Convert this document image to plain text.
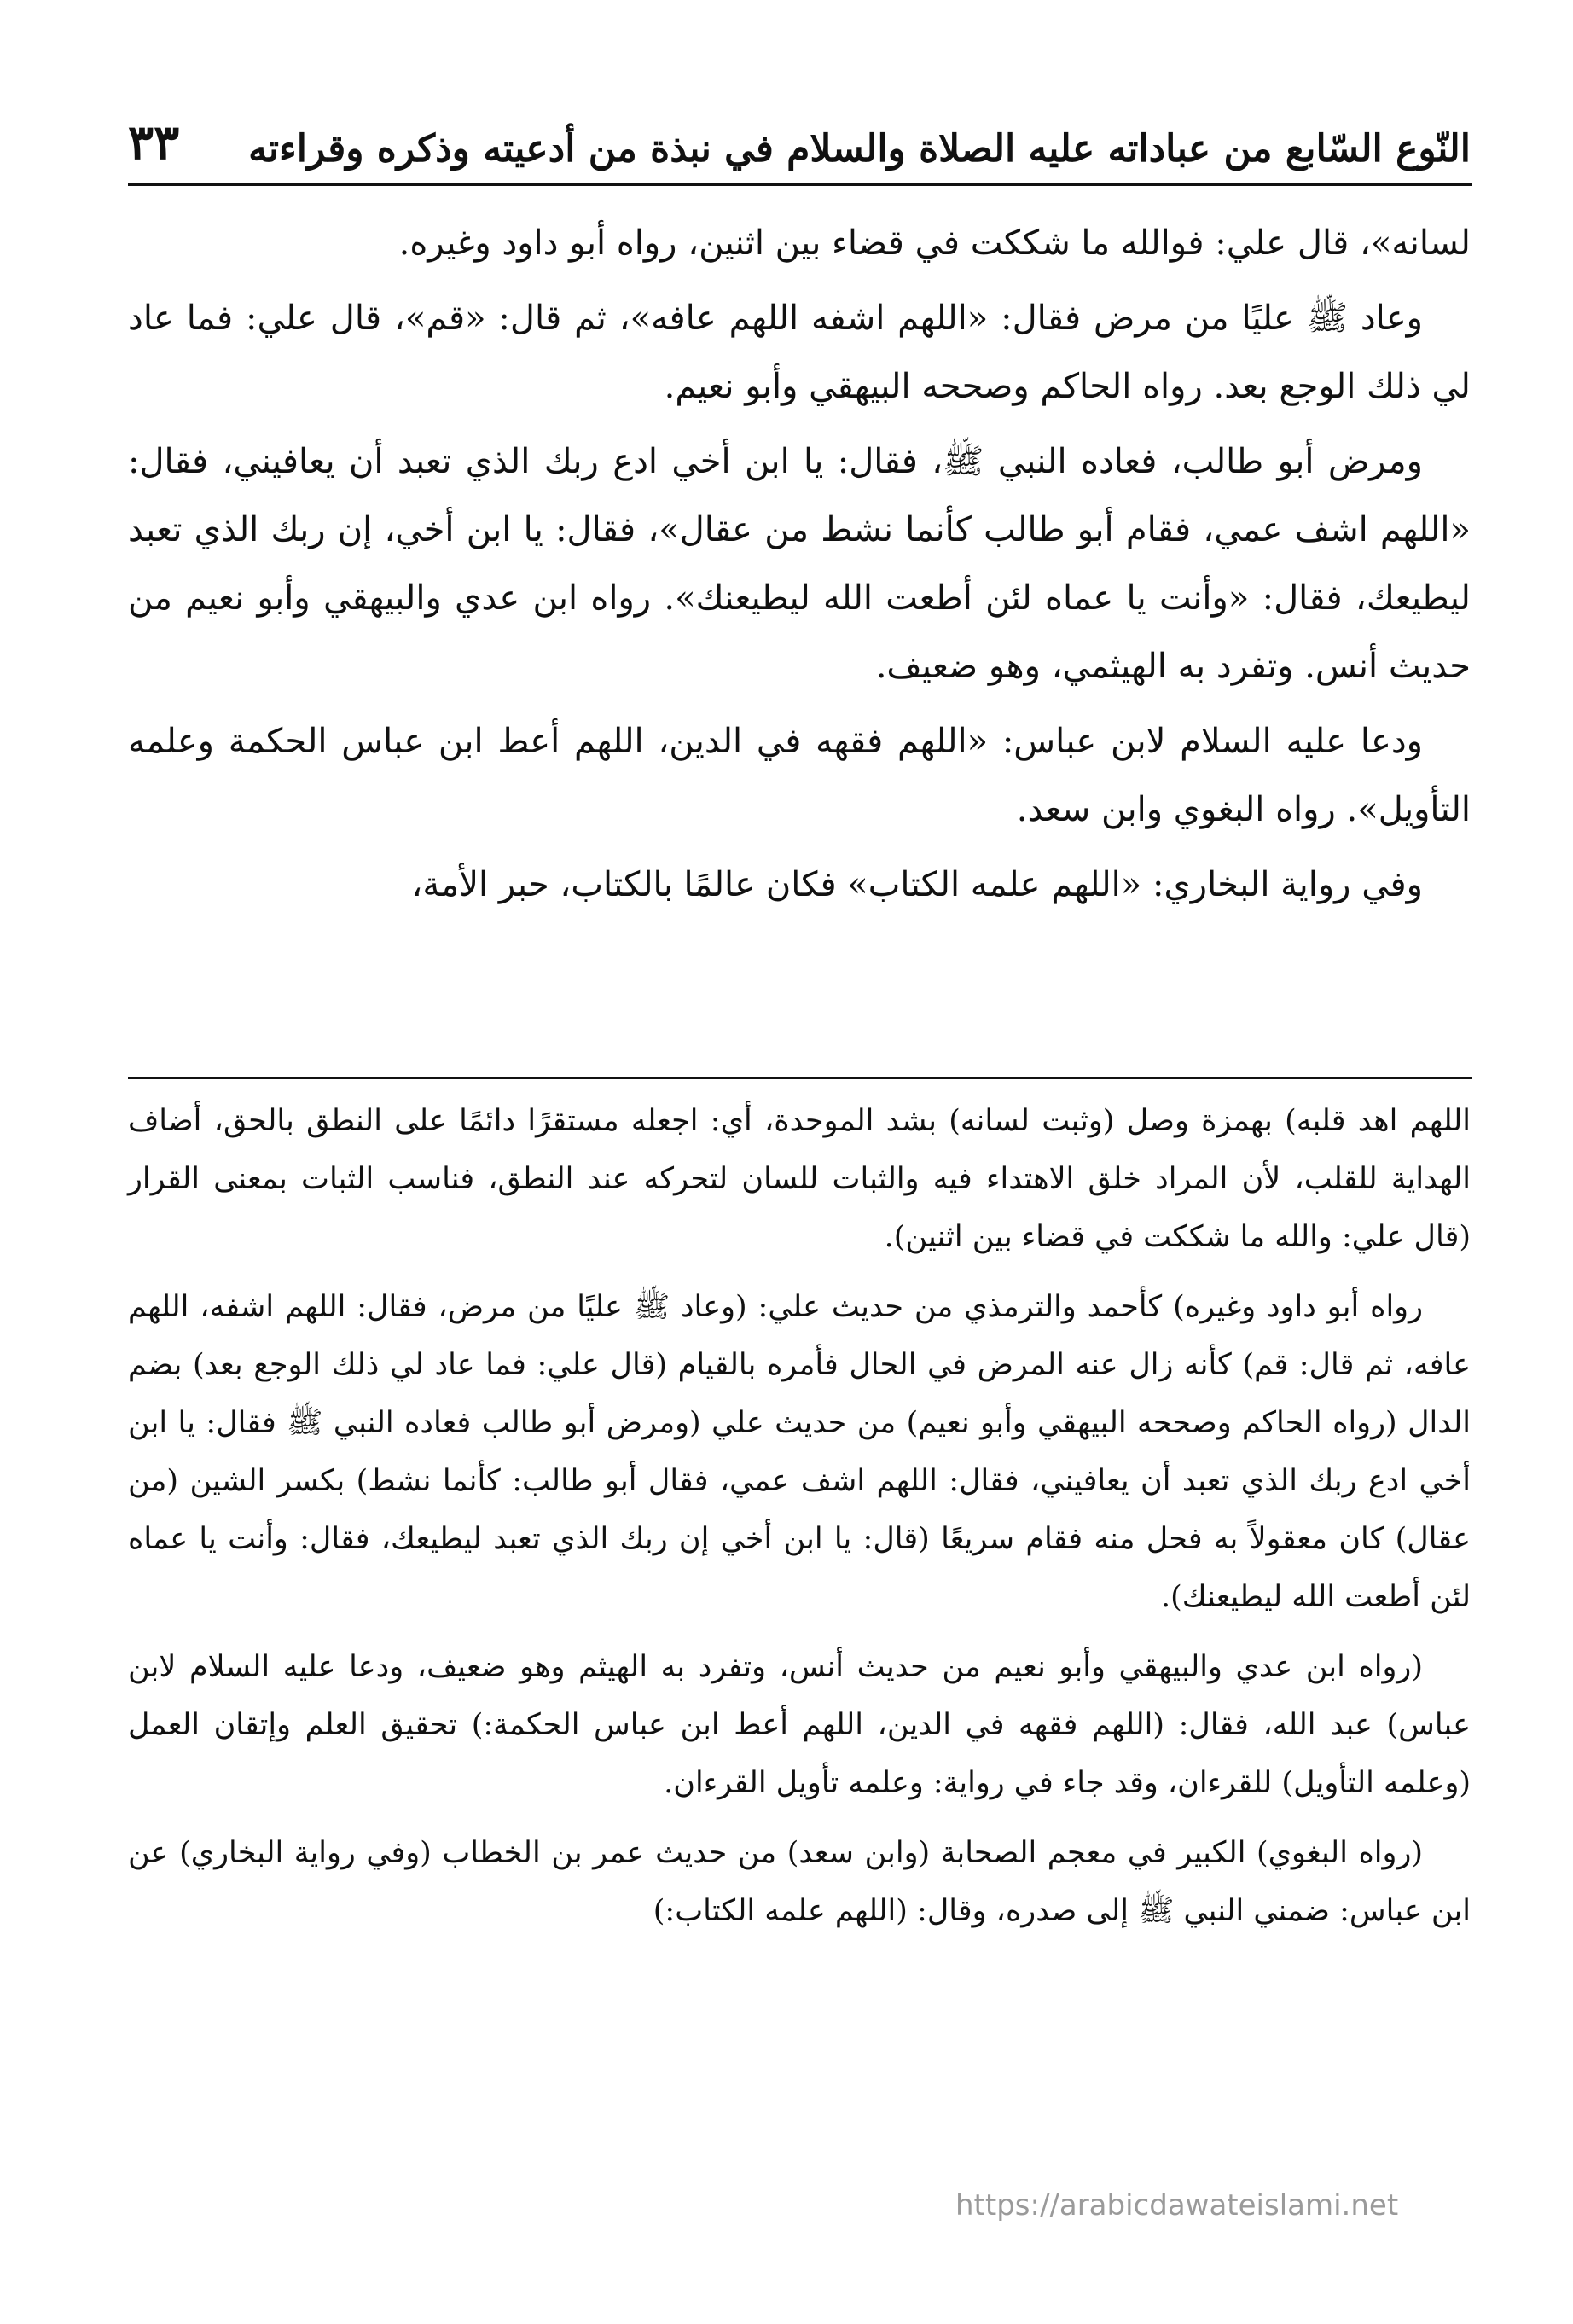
النّوع السّابع من عباداته عليه الصلاة والسلام في نبذة من أدعيته وذكره وقراءته
٣٣

لسانه»، قال علي: فوالله ما شككت في قضاء بين اثنين، رواه أبو داود وغيره.

وعاد ﷺ عليًا من مرض فقال: «اللهم اشفه اللهم عافه»، ثم قال: «قم»، قال علي: فما عاد لي ذلك الوجع بعد. رواه الحاكم وصححه البيهقي وأبو نعيم.

ومرض أبو طالب، فعاده النبي ﷺ، فقال: يا ابن أخي ادع ربك الذي تعبد أن يعافيني، فقال: «اللهم اشف عمي، فقام أبو طالب كأنما نشط من عقال»، فقال: يا ابن أخي، إن ربك الذي تعبد ليطيعك، فقال: «وأنت يا عماه لئن أطعت الله ليطيعنك». رواه ابن عدي والبيهقي وأبو نعيم من حديث أنس. وتفرد به الهيثمي، وهو ضعيف.

ودعا عليه السلام لابن عباس: «اللهم فقهه في الدين، اللهم أعط ابن عباس الحكمة وعلمه التأويل». رواه البغوي وابن سعد.

وفي رواية البخاري: «اللهم علمه الكتاب» فكان عالمًا بالكتاب، حبر الأمة،

اللهم اهد قلبه) بهمزة وصل (وثبت لسانه) بشد الموحدة، أي: اجعله مستقرًا دائمًا على النطق بالحق، أضاف الهداية للقلب، لأن المراد خلق الاهتداء فيه والثبات للسان لتحركه عند النطق، فناسب الثبات بمعنى القرار (قال علي: والله ما شككت في قضاء بين اثنين).

رواه أبو داود وغيره) كأحمد والترمذي من حديث علي: (وعاد ﷺ عليًا من مرض، فقال: اللهم اشفه، اللهم عافه، ثم قال: قم) كأنه زال عنه المرض في الحال فأمره بالقيام (قال علي: فما عاد لي ذلك الوجع بعد) بضم الدال (رواه الحاكم وصححه البيهقي وأبو نعيم) من حديث علي (ومرض أبو طالب فعاده النبي ﷺ فقال: يا ابن أخي ادع ربك الذي تعبد أن يعافيني، فقال: اللهم اشف عمي، فقال أبو طالب: كأنما نشط) بكسر الشين (من عقال) كان معقولاً به فحل منه فقام سريعًا (قال: يا ابن أخي إن ربك الذي تعبد ليطيعك، فقال: وأنت يا عماه لئن أطعت الله ليطيعنك).

(رواه ابن عدي والبيهقي وأبو نعيم من حديث أنس، وتفرد به الهيثم وهو ضعيف، ودعا عليه السلام لابن عباس) عبد الله، فقال: (اللهم فقهه في الدين، اللهم أعط ابن عباس الحكمة:) تحقيق العلم وإتقان العمل (وعلمه التأويل) للقرءان، وقد جاء في رواية: وعلمه تأويل القرءان.

(رواه البغوي) الكبير في معجم الصحابة (وابن سعد) من حديث عمر بن الخطاب (وفي رواية البخاري) عن ابن عباس: ضمني النبي ﷺ إلى صدره، وقال: (اللهم علمه الكتاب:)

https://arabicdawateislami.net
